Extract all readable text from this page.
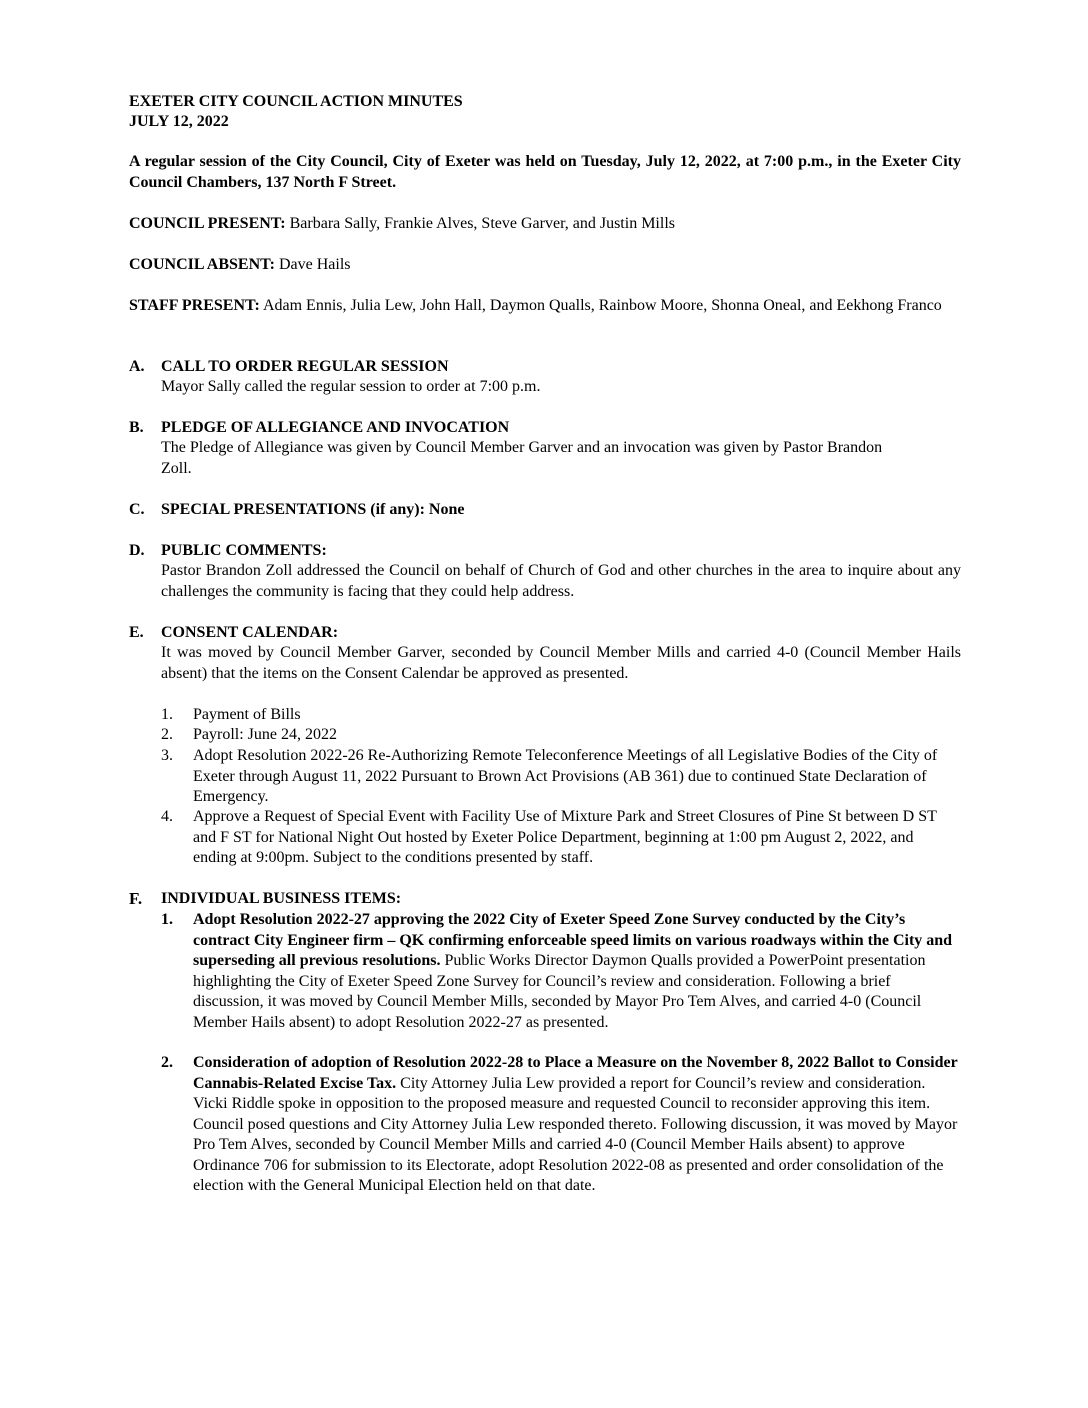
EXETER CITY COUNCIL ACTION MINUTES
JULY 12, 2022
A regular session of the City Council, City of Exeter was held on Tuesday, July 12, 2022, at 7:00 p.m., in the Exeter City Council Chambers, 137 North F Street.
COUNCIL PRESENT: Barbara Sally, Frankie Alves, Steve Garver, and Justin Mills
COUNCIL ABSENT: Dave Hails
STAFF PRESENT: Adam Ennis, Julia Lew, John Hall, Daymon Qualls, Rainbow Moore, Shonna Oneal, and Eekhong Franco
A. CALL TO ORDER REGULAR SESSION
Mayor Sally called the regular session to order at 7:00 p.m.
B. PLEDGE OF ALLEGIANCE AND INVOCATION
The Pledge of Allegiance was given by Council Member Garver and an invocation was given by Pastor Brandon Zoll.
C. SPECIAL PRESENTATIONS (if any): None
D. PUBLIC COMMENTS:
Pastor Brandon Zoll addressed the Council on behalf of Church of God and other churches in the area to inquire about any challenges the community is facing that they could help address.
E. CONSENT CALENDAR:
It was moved by Council Member Garver, seconded by Council Member Mills and carried 4-0 (Council Member Hails absent) that the items on the Consent Calendar be approved as presented.
1. Payment of Bills
2. Payroll: June 24, 2022
3. Adopt Resolution 2022-26 Re-Authorizing Remote Teleconference Meetings of all Legislative Bodies of the City of Exeter through August 11, 2022 Pursuant to Brown Act Provisions (AB 361) due to continued State Declaration of Emergency.
4. Approve a Request of Special Event with Facility Use of Mixture Park and Street Closures of Pine St between D ST and F ST for National Night Out hosted by Exeter Police Department, beginning at 1:00 pm August 2, 2022, and ending at 9:00pm. Subject to the conditions presented by staff.
F. INDIVIDUAL BUSINESS ITEMS:
1. Adopt Resolution 2022-27 approving the 2022 City of Exeter Speed Zone Survey conducted by the City’s contract City Engineer firm – QK confirming enforceable speed limits on various roadways within the City and superseding all previous resolutions. Public Works Director Daymon Qualls provided a PowerPoint presentation highlighting the City of Exeter Speed Zone Survey for Council’s review and consideration. Following a brief discussion, it was moved by Council Member Mills, seconded by Mayor Pro Tem Alves, and carried 4-0 (Council Member Hails absent) to adopt Resolution 2022-27 as presented.
2. Consideration of adoption of Resolution 2022-28 to Place a Measure on the November 8, 2022 Ballot to Consider Cannabis-Related Excise Tax. City Attorney Julia Lew provided a report for Council’s review and consideration. Vicki Riddle spoke in opposition to the proposed measure and requested Council to reconsider approving this item. Council posed questions and City Attorney Julia Lew responded thereto. Following discussion, it was moved by Mayor Pro Tem Alves, seconded by Council Member Mills and carried 4-0 (Council Member Hails absent) to approve Ordinance 706 for submission to its Electorate, adopt Resolution 2022-08 as presented and order consolidation of the election with the General Municipal Election held on that date.
